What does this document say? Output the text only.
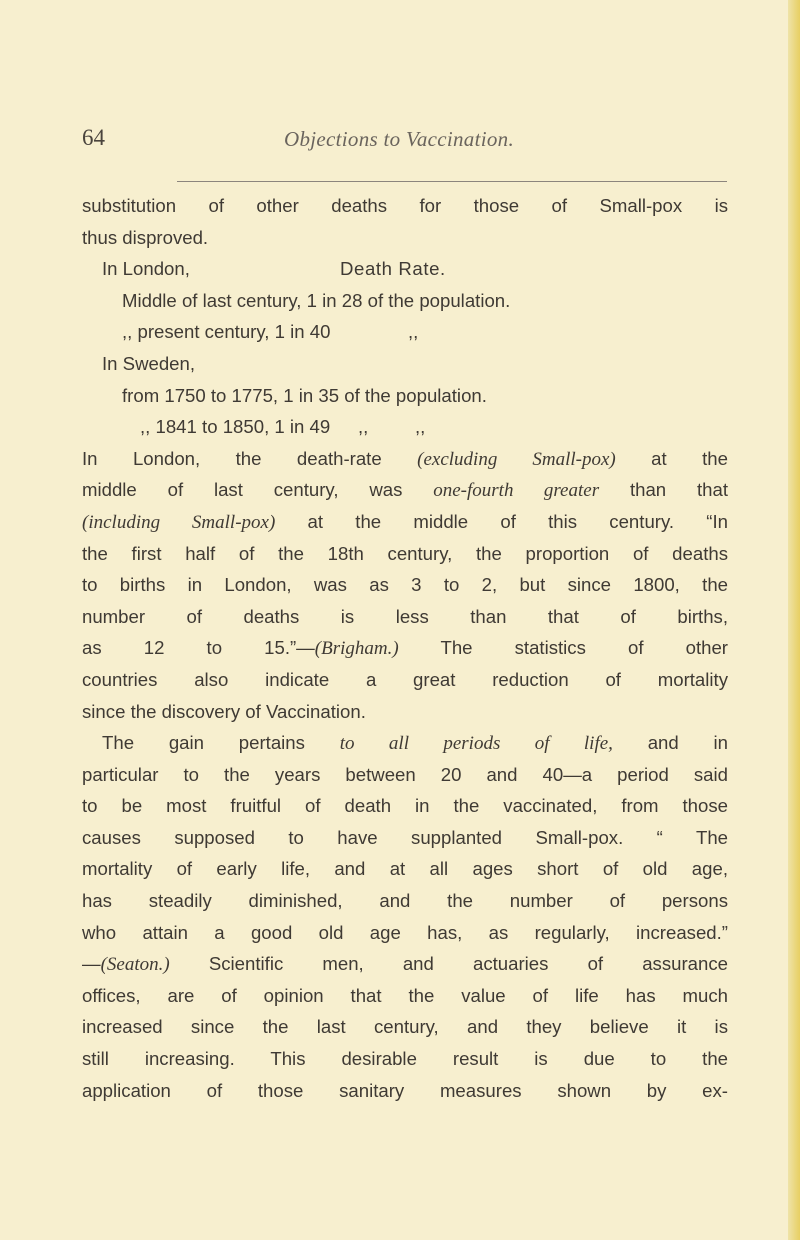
64	Objections to Vaccination.
substitution of other deaths for those of Small-pox is
thus disproved.
In London,	Death Rate.
Middle of last century, 1 in 28 of the population.
,, present century, 1 in 40	,,
In Sweden,
from 1750 to 1775, 1 in 35 of the population.
,, 1841 to 1850, 1 in 49 ,,	,,
In London, the death-rate (excluding Small-pox) at the
middle of last century, was one-fourth greater than that
(including Small-pox) at the middle of this century. “In
the first half of the 18th century, the proportion of deaths
to births in London, was as 3 to 2, but since 1800, the
number of deaths is less than that of births,
as 12 to 15.”—(Brigham.) The statistics of other
countries also indicate a great reduction of mortality
since the discovery of Vaccination.
The gain pertains to all periods of life, and in
particular to the years between 20 and 40—a period said
to be most fruitful of death in the vaccinated, from those
causes supposed to have supplanted Small-pox. “ The
mortality of early life, and at all ages short of old age,
has steadily diminished, and the number of persons
who attain a good old age has, as regularly, increased.”
—(Seaton.) Scientific men, and actuaries of assurance
offices, are of opinion that the value of life has much
increased since the last century, and they believe it is
still increasing. This desirable result is due to the
application of those sanitary measures shown by ex-
